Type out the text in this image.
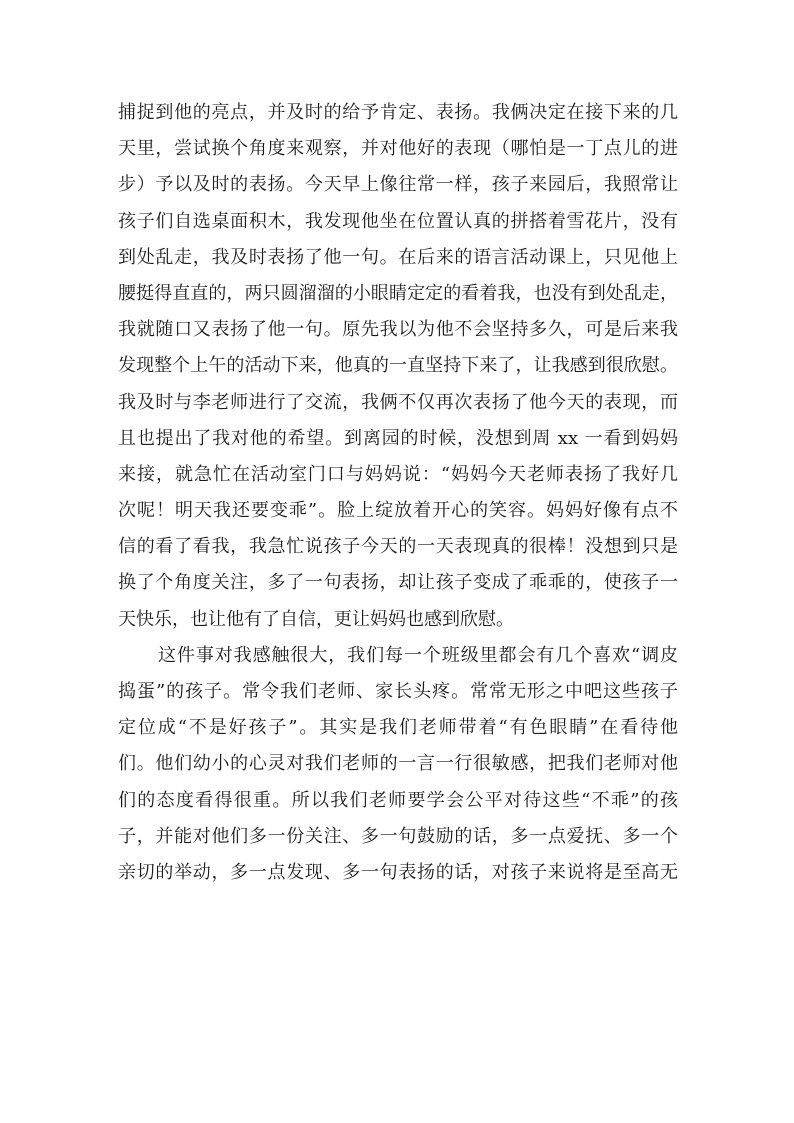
捕捉到他的亮点，并及时的给予肯定、表扬。我俩决定在接下来的几
天里，尝试换个角度来观察，并对他好的表现（哪怕是一丁点儿的进
步）予以及时的表扬。今天早上像往常一样，孩子来园后，我照常让
孩子们自选桌面积木，我发现他坐在位置认真的拼搭着雪花片，没有
到处乱走，我及时表扬了他一句。在后来的语言活动课上，只见他上
腰挺得直直的，两只圆溜溜的小眼睛定定的看着我，也没有到处乱走，
我就随口又表扬了他一句。原先我以为他不会坚持多久，可是后来我
发现整个上午的活动下来，他真的一直坚持下来了，让我感到很欣慰。
我及时与李老师进行了交流，我俩不仅再次表扬了他今天的表现，而
且也提出了我对他的希望。到离园的时候，没想到周 xx 一看到妈妈
来接，就急忙在活动室门口与妈妈说：“妈妈今天老师表扬了我好几
次呢！明天我还要变乖”。脸上绽放着开心的笑容。妈妈好像有点不
信的看了看我，我急忙说孩子今天的一天表现真的很棒！没想到只是
换了个角度关注，多了一句表扬，却让孩子变成了乖乖的，使孩子一
天快乐，也让他有了自信，更让妈妈也感到欣慰。
这件事对我感触很大，我们每一个班级里都会有几个喜欢“调皮
捣蛋”的孩子。常令我们老师、家长头疼。常常无形之中吧这些孩子
定位成“不是好孩子”。其实是我们老师带着“有色眼睛”在看待他
们。他们幼小的心灵对我们老师的一言一行很敏感，把我们老师对他
们的态度看得很重。所以我们老师要学会公平对待这些“不乖”的孩
子，并能对他们多一份关注、多一句鼓励的话，多一点爱抚、多一个
亲切的举动，多一点发现、多一句表扬的话，对孩子来说将是至高无
